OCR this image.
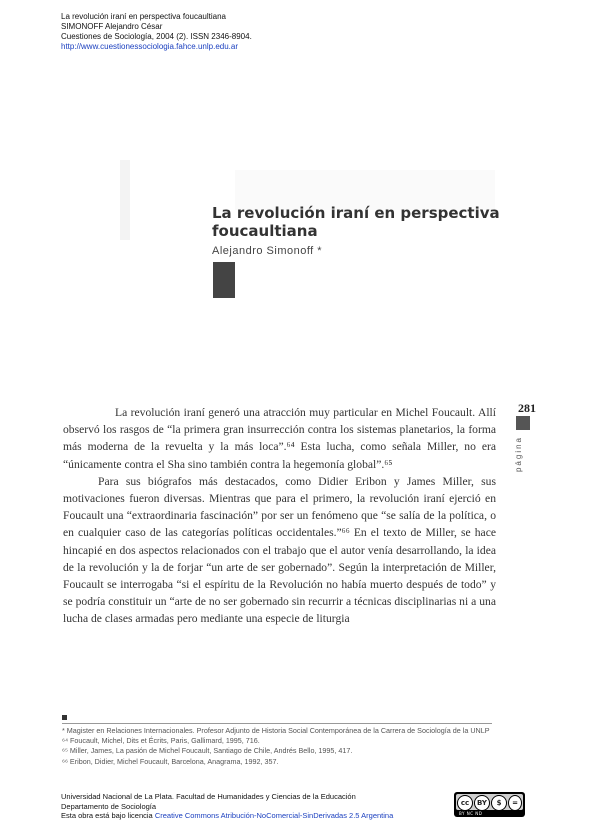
La revolución iraní en perspectiva foucaultiana
SIMONOFF Alejandro César
Cuestiones de Sociología, 2004 (2). ISSN 2346-8904.
http://www.cuestionessociologia.fahce.unlp.edu.ar
La revolución iraní en perspectiva
foucaultiana
Alejandro Simonoff *
281
página

La revolución iraní generó una atracción muy particular en Michel Foucault. Allí observó los rasgos de “la primera gran insurrección contra los sistemas planetarios, la forma más moderna de la revuelta y la más loca”.⁶⁴ Esta lucha, como señala Miller, no era “únicamente contra el Sha sino también contra la hegemonía global”.⁶⁵

Para sus biógrafos más destacados, como Didier Eribon y James Miller, sus motivaciones fueron diversas. Mientras que para el primero, la revolución iraní ejerció en Foucault una “extraordinaria fascinación” por ser un fenómeno que “se salía de la política, o en cualquier caso de las categorías políticas occidentales.”⁶⁶ En el texto de Miller, se hace hincapié en dos aspectos relacionados con el trabajo que el autor venía desarrollando, la idea de la revolución y la de forjar “un arte de ser gobernado”. Según la interpretación de Miller, Foucault se interrogaba “si el espíritu de la Revolución no había muerto después de todo” y se podría constituir un “arte de no ser gobernado sin recurrir a técnicas disciplinarias ni a una lucha de clases armadas pero mediante una especie de liturgia

* Magister en Relaciones Internacionales. Profesor Adjunto de Historia Social Contemporánea de la Carrera de Sociología de la UNLP
⁶⁴ Foucault, Michel, Dits et Écrits, Paris, Gallimard, 1995, 716.
⁶⁵ Miller, James, La pasión de Michel Foucault, Santiago de Chile, Andrés Bello, 1995, 417.
⁶⁶ Eribon, Didier, Michel Foucault, Barcelona, Anagrama, 1992, 357.
Universidad Nacional de La Plata. Facultad de Humanidades y Ciencias de la Educación
Departamento de Sociología
Esta obra está bajo licencia Creative Commons Atribución-NoComercial-SinDerivadas 2.5 Argentina
cc	BY	$	=
BY NC ND
